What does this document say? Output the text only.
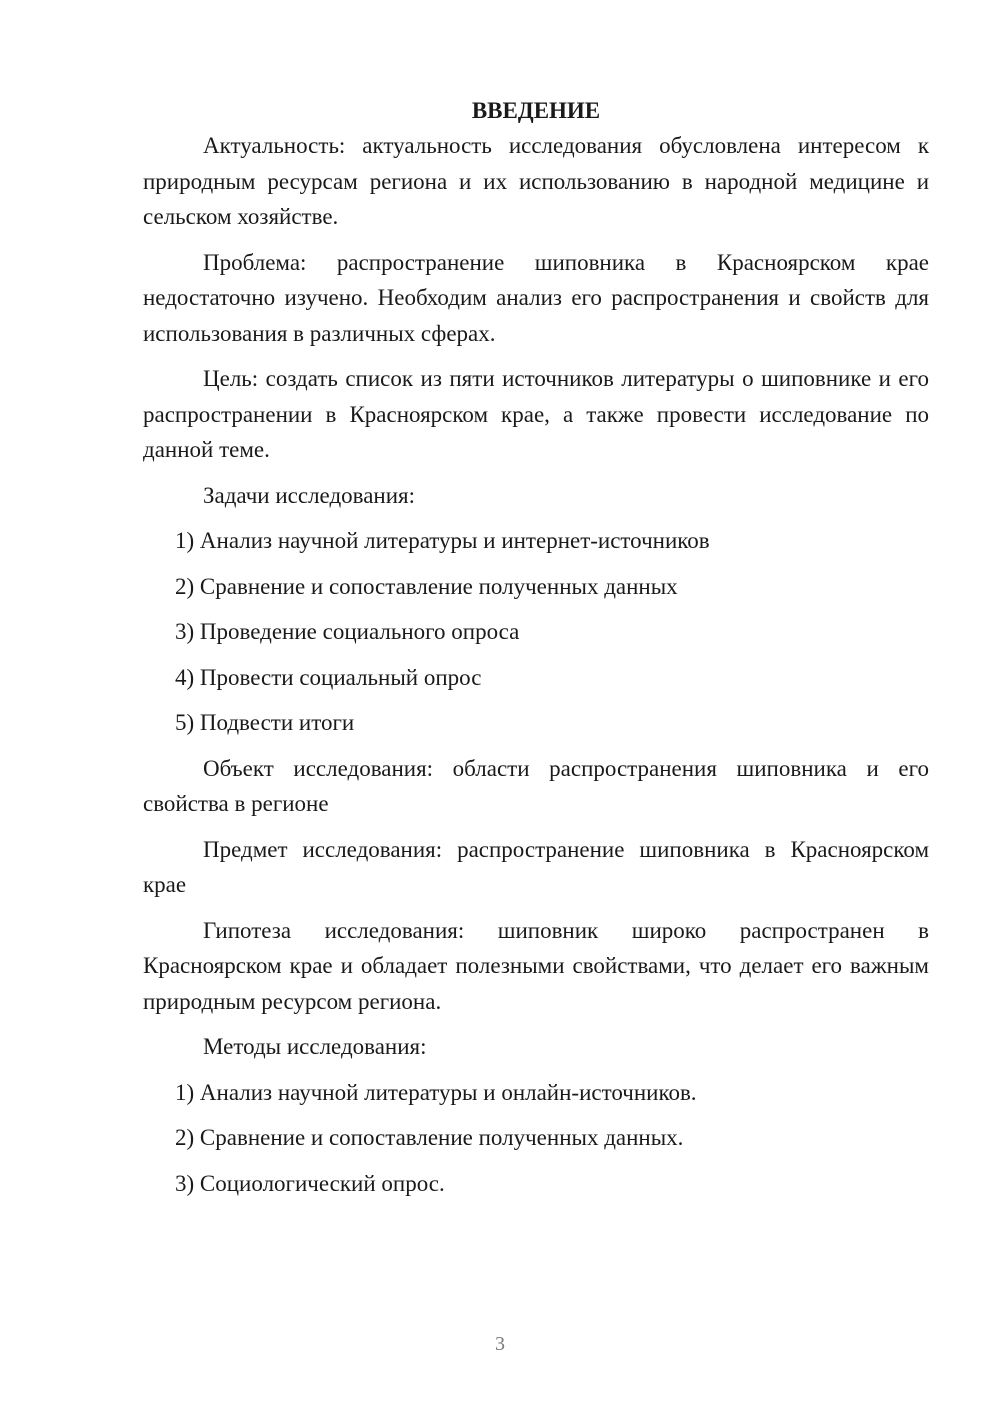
ВВЕДЕНИЕ

Актуальность: актуальность исследования обусловлена интересом к природным ресурсам региона и их использованию в народной медицине и сельском хозяйстве.

Проблема: распространение шиповника в Красноярском крае недостаточно изучено. Необходим анализ его распространения и свойств для использования в различных сферах.

Цель: создать список из пяти источников литературы о шиповнике и его распространении в Красноярском крае, а также провести исследование по данной теме.

Задачи исследования:

1) Анализ научной литературы и интернет-источников
2) Сравнение и сопоставление полученных данных
3) Проведение социального опроса
4) Провести социальный опрос
5) Подвести итоги

Объект исследования: области распространения шиповника и его свойства в регионе

Предмет исследования: распространение шиповника в Красноярском крае

Гипотеза исследования: шиповник широко распространен в Красноярском крае и обладает полезными свойствами, что делает его важным природным ресурсом региона.

Методы исследования:

1) Анализ научной литературы и онлайн-источников.
2) Сравнение и сопоставление полученных данных.
3) Социологический опрос.
3
